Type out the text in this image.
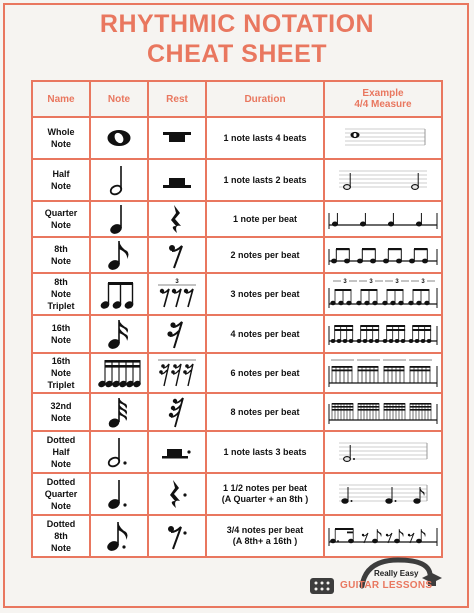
RHYTHMIC NOTATION
CHEAT SHEET
Name	Note	Rest	Duration	Example
4/4 Measure
Whole
Note			1 note lasts 4 beats	

Half
Note			1 note lasts 2 beats	

Quarter
Note			1 note per beat	

8th
Note			2 notes per beat	

8th
Note
Triplet		3	3 notes per beat	3 3 3 3

16th
Note			4 notes per beat	

16th
Note
Triplet			6 notes per beat	

32nd
Note			8 notes per beat	

Dotted
Half
Note			1 note lasts 3 beats	

Dotted
Quarter
Note			1 1/2 notes per beat
(A Quarter + an 8th )	

Dotted
8th
Note			3/4 notes per beat
(A 8th+ a 16th )	
Really Easy
GUITAR LESSONS
